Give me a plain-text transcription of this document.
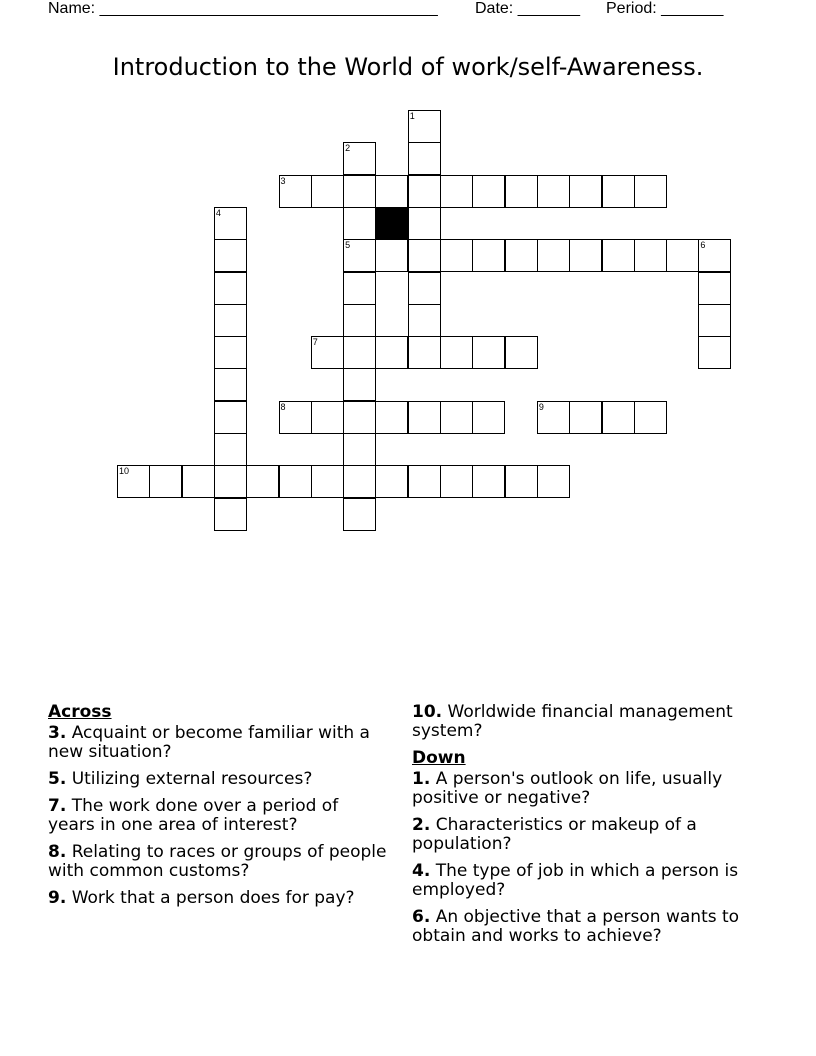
Name: ______________________________________ Date: _______ Period: _______
Introduction to the World of work/self-Awareness.
1
2
3
4
5	6
7
8	9
10
Across
3. Acquaint or become familiar with a new situation?
5. Utilizing external resources?
7. The work done over a period of years in one area of interest?
8. Relating to races or groups of people with common customs?
9. Work that a person does for pay?
10. Worldwide financial management system?
Down
1. A person's outlook on life, usually positive or negative?
2. Characteristics or makeup of a population?
4. The type of job in which a person is employed?
6. An objective that a person wants to obtain and works to achieve?
